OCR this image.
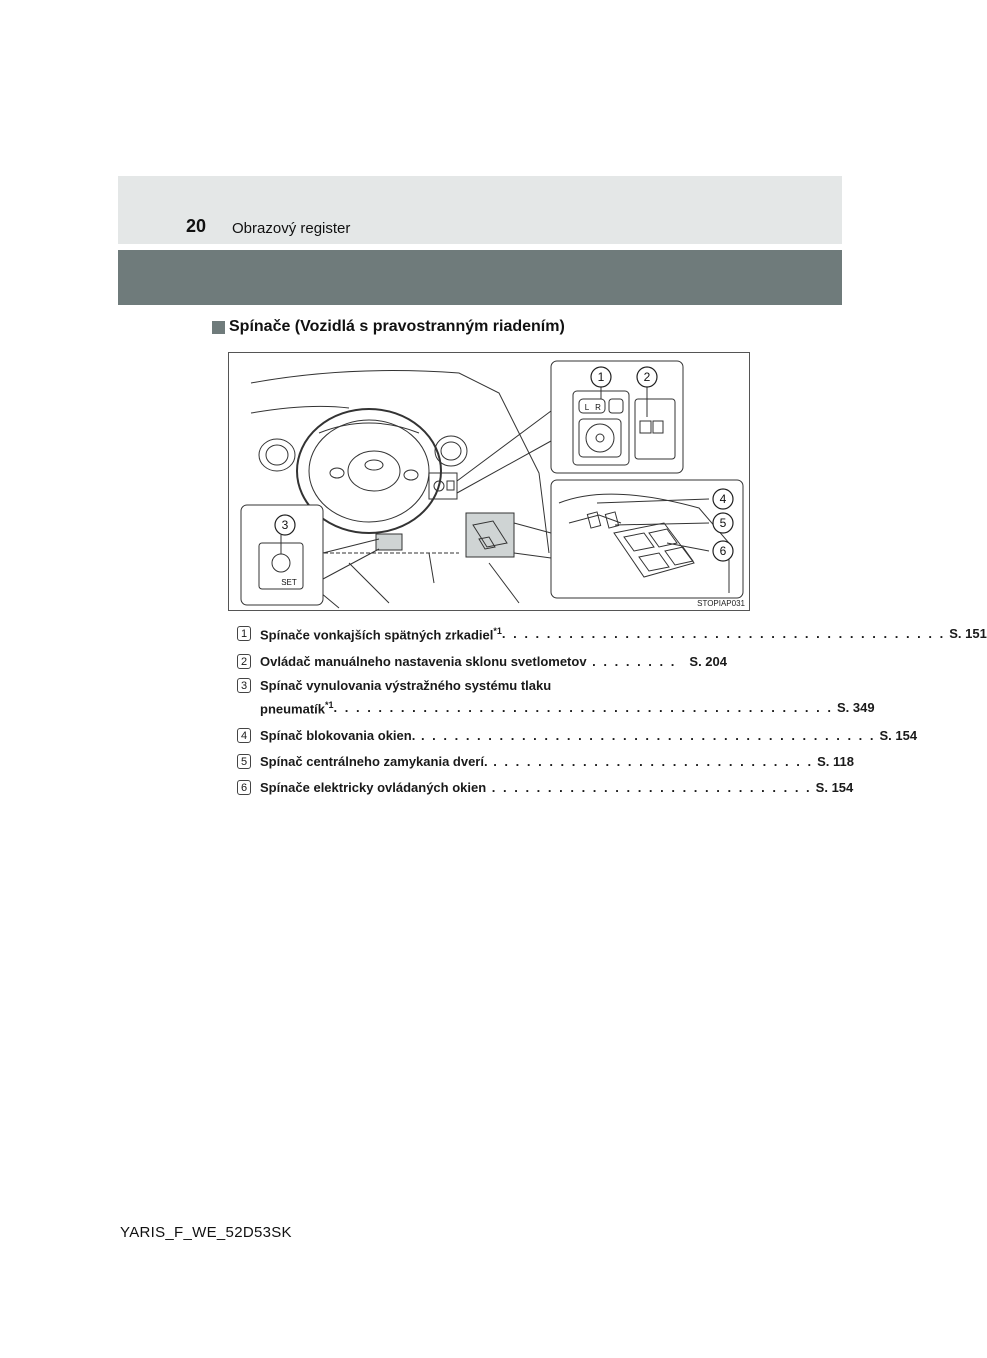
20 Obrazový register
Spínače (Vozidlá s pravostranným riadením)
1	2
3
4
5
6
L R
SET
STOPIAP031
1 Spínače vonkajších spätných zrkadiel$^{*1}$ . . . . . . . . . . . . . . . . . . . . . . . . . . . . . . . . . . . . . . . . S. 151
2 Ovládač manuálneho nastavenia sklonu svetlometov . . . . . . . .	S. 204
3 Spínač vynulovania výstražného systému tlaku
pneumatík$^{*1}$ . . . . . . . . . . . . . . . . . . . . . . . . . . . . . . . . . . . . . . . . . . . . . S. 349
4 Spínač blokovania okien. . . . . . . . . . . . . . . . . . . . . . . . . . . . . . . . . . . . . . . . . . S. 154
5 Spínač centrálneho zamykania dverí. . . . . . . . . . . . . . . . . . . . . . . . . . . . . . S. 118
6 Spínače elektricky ovládaných okien . . . . . . . . . . . . . . . . . . . . . . . . . . . . . S. 154
YARIS_F_WE_52D53SK
